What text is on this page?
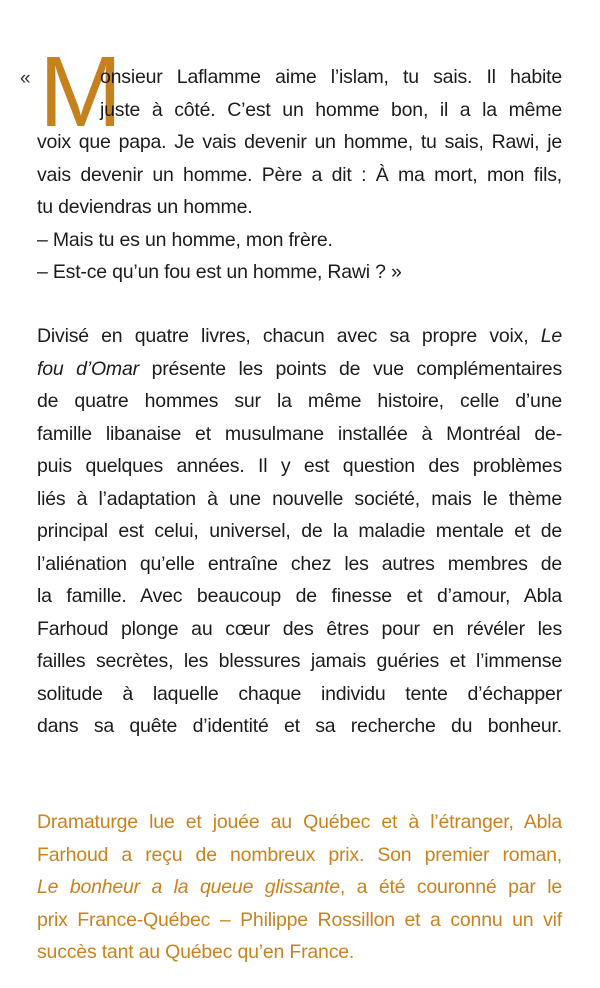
« M
onsieur Laflamme aime l’islam, tu sais. Il habite
juste à côté. C’est un homme bon, il a la même
voix que papa. Je vais devenir un homme, tu sais, Rawi, je
vais devenir un homme. Père a dit : À ma mort, mon fils,
tu deviendras un homme.
– Mais tu es un homme, mon frère.
– Est-ce qu’un fou est un homme, Rawi ? »
Divisé en quatre livres, chacun avec sa propre voix, Le
fou d’Omar présente les points de vue complémentaires
de quatre hommes sur la même histoire, celle d’une
famille libanaise et musulmane installée à Montréal de-
puis quelques années. Il y est question des problèmes
liés à l’adaptation à une nouvelle société, mais le thème
principal est celui, universel, de la maladie mentale et de
l’aliénation qu’elle entraîne chez les autres membres de
la famille. Avec beaucoup de finesse et d’amour, Abla
Farhoud plonge au cœur des êtres pour en révéler les
failles secrètes, les blessures jamais guéries et l’immense
solitude à laquelle chaque individu tente d’échapper
dans sa quête d’identité et sa recherche du bonheur.
Dramaturge lue et jouée au Québec et à l’étranger, Abla
Farhoud a reçu de nombreux prix. Son premier roman,
Le bonheur a la queue glissante, a été couronné par le
prix France-Québec – Philippe Rossillon et a connu un vif
succès tant au Québec qu’en France.
